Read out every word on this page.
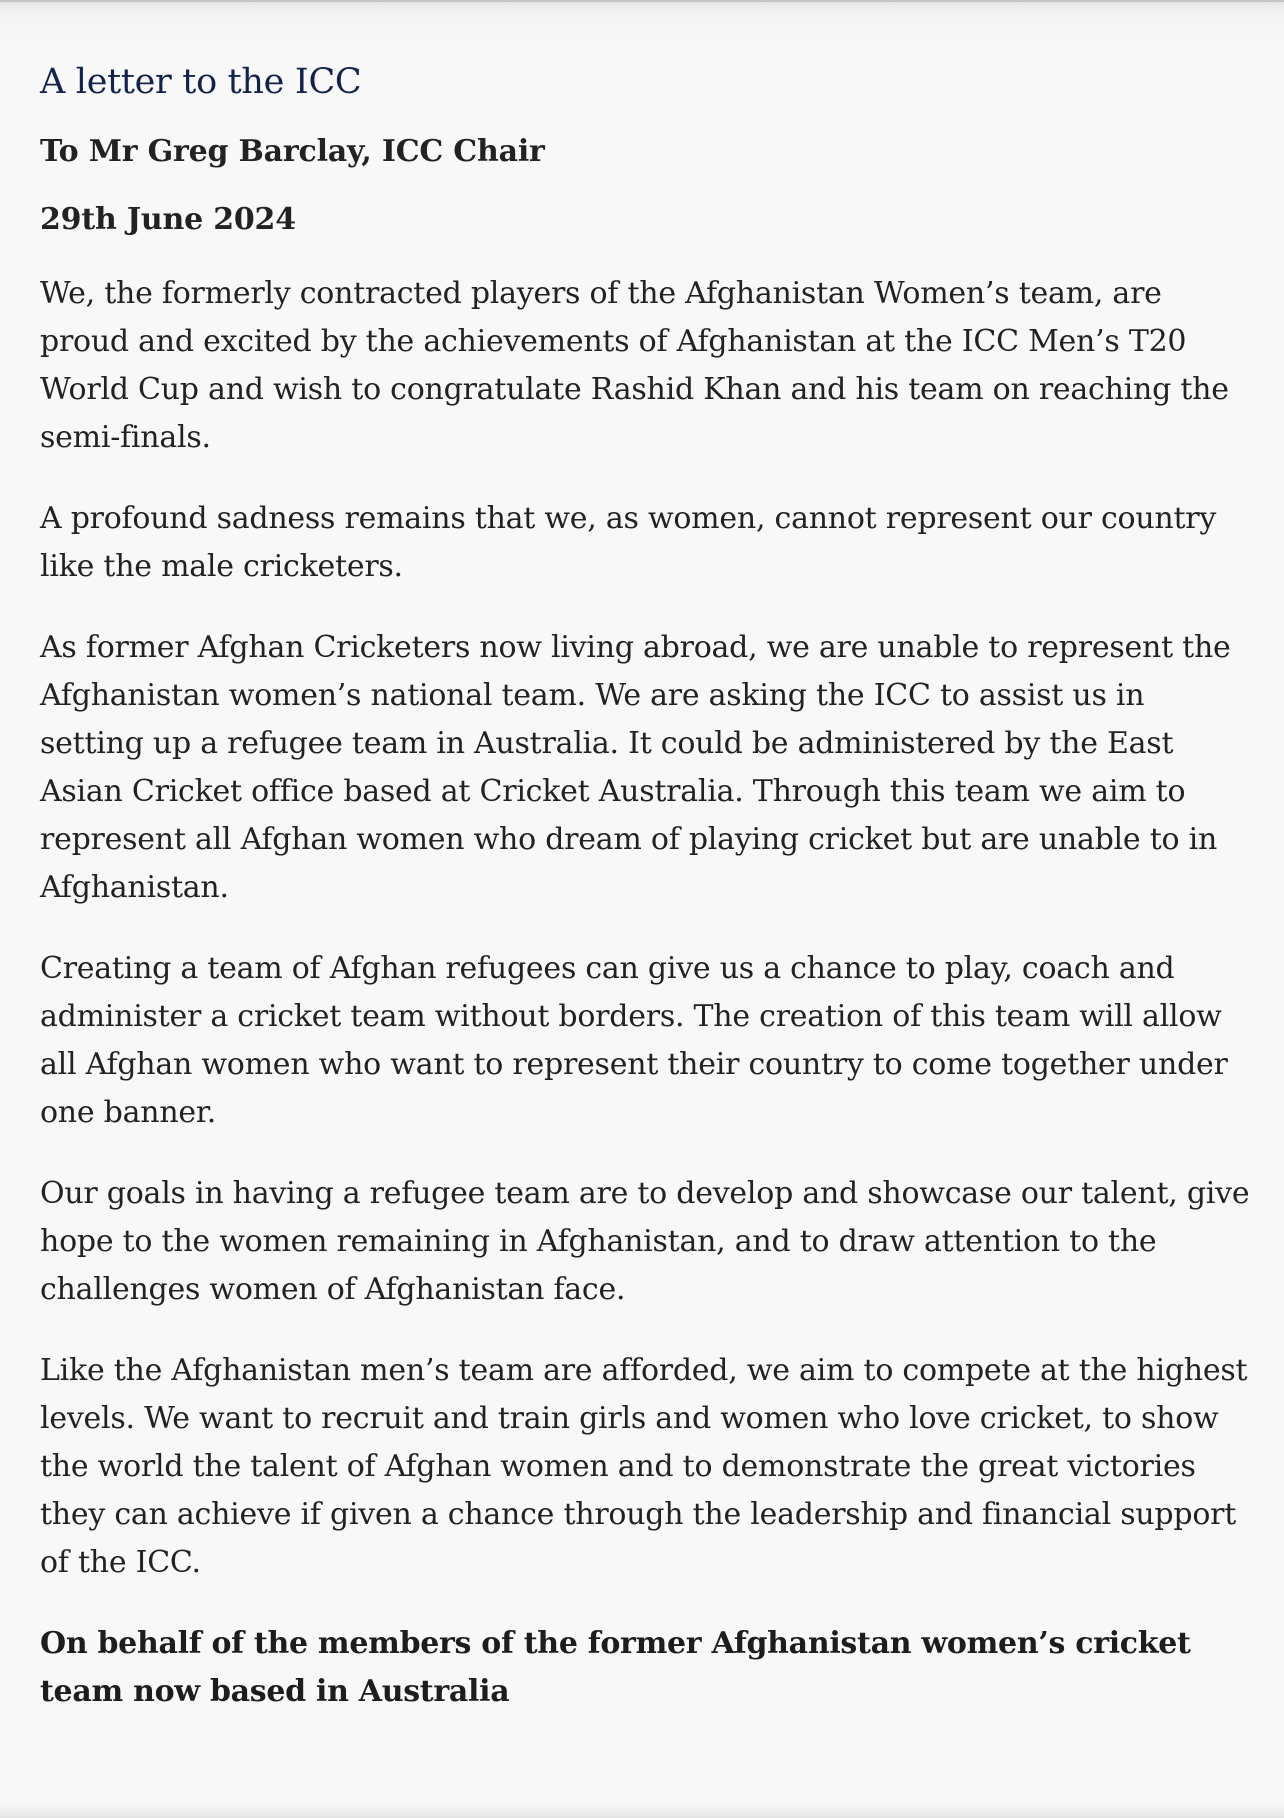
A letter to the ICC
To Mr Greg Barclay, ICC Chair
29th June 2024

We, the formerly contracted players of the Afghanistan Women’s team, are proud and excited by the achievements of Afghanistan at the ICC Men’s T20 World Cup and wish to congratulate Rashid Khan and his team on reaching the semi-finals.

A profound sadness remains that we, as women, cannot represent our country like the male cricketers.

As former Afghan Cricketers now living abroad, we are unable to represent the Afghanistan women’s national team. We are asking the ICC to assist us in setting up a refugee team in Australia. It could be administered by the East Asian Cricket office based at Cricket Australia. Through this team we aim to represent all Afghan women who dream of playing cricket but are unable to in Afghanistan.

Creating a team of Afghan refugees can give us a chance to play, coach and administer a cricket team without borders. The creation of this team will allow all Afghan women who want to represent their country to come together under one banner.

Our goals in having a refugee team are to develop and showcase our talent, give hope to the women remaining in Afghanistan, and to draw attention to the challenges women of Afghanistan face.

Like the Afghanistan men’s team are afforded, we aim to compete at the highest levels. We want to recruit and train girls and women who love cricket, to show the world the talent of Afghan women and to demonstrate the great victories they can achieve if given a chance through the leadership and financial support of the ICC.

On behalf of the members of the former Afghanistan women’s cricket team now based in Australia
